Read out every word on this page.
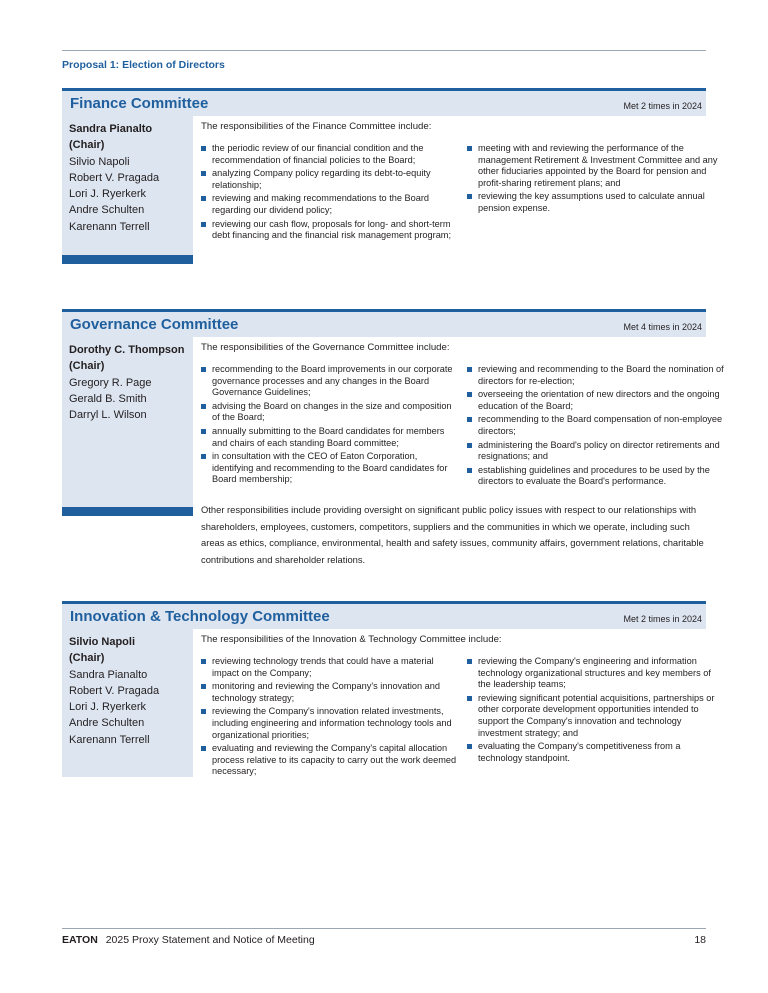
Proposal 1: Election of Directors
Finance Committee	Met 2 times in 2024
Sandra Pianalto
(Chair)
Silvio Napoli
Robert V. Pragada
Lori J. Ryerkerk
Andre Schulten
Karenann Terrell
The responsibilities of the Finance Committee include:
the periodic review of our financial condition and the recommendation of financial policies to the Board;
analyzing Company policy regarding its debt-to-equity relationship;
reviewing and making recommendations to the Board regarding our dividend policy;
reviewing our cash flow, proposals for long- and short-term debt financing and the financial risk management program;
meeting with and reviewing the performance of the management Retirement & Investment Committee and any other fiduciaries appointed by the Board for pension and profit-sharing retirement plans; and
reviewing the key assumptions used to calculate annual pension expense.
Governance Committee	Met 4 times in 2024
Dorothy C. Thompson
(Chair)
Gregory R. Page
Gerald B. Smith
Darryl L. Wilson
The responsibilities of the Governance Committee include:
recommending to the Board improvements in our corporate governance processes and any changes in the Board Governance Guidelines;
advising the Board on changes in the size and composition of the Board;
annually submitting to the Board candidates for members and chairs of each standing Board committee;
in consultation with the CEO of Eaton Corporation, identifying and recommending to the Board candidates for Board membership;
reviewing and recommending to the Board the nomination of directors for re-election;
overseeing the orientation of new directors and the ongoing education of the Board;
recommending to the Board compensation of non-employee directors;
administering the Board's policy on director retirements and resignations; and
establishing guidelines and procedures to be used by the directors to evaluate the Board's performance.
Other responsibilities include providing oversight on significant public policy issues with respect to our relationships with shareholders, employees, customers, competitors, suppliers and the communities in which we operate, including such areas as ethics, compliance, environmental, health and safety issues, community affairs, government relations, charitable contributions and shareholder relations.
Innovation & Technology Committee	Met 2 times in 2024
The responsibilities of the Innovation & Technology Committee include:
reviewing technology trends that could have a material impact on the Company;
monitoring and reviewing the Company's innovation and technology strategy;
reviewing the Company's innovation related investments, including engineering and information technology tools and organizational priorities;
evaluating and reviewing the Company's capital allocation process relative to its capacity to carry out the work deemed necessary;
reviewing the Company's engineering and information technology organizational structures and key members of the leadership teams;
reviewing significant potential acquisitions, partnerships or other corporate development opportunities intended to support the Company's innovation and technology investment strategy; and
evaluating the Company's competitiveness from a technology standpoint.
Silvio Napoli
(Chair)
Sandra Pianalto
Robert V. Pragada
Lori J. Ryerkerk
Andre Schulten
Karenann Terrell
EATON 2025 Proxy Statement and Notice of Meeting	18
